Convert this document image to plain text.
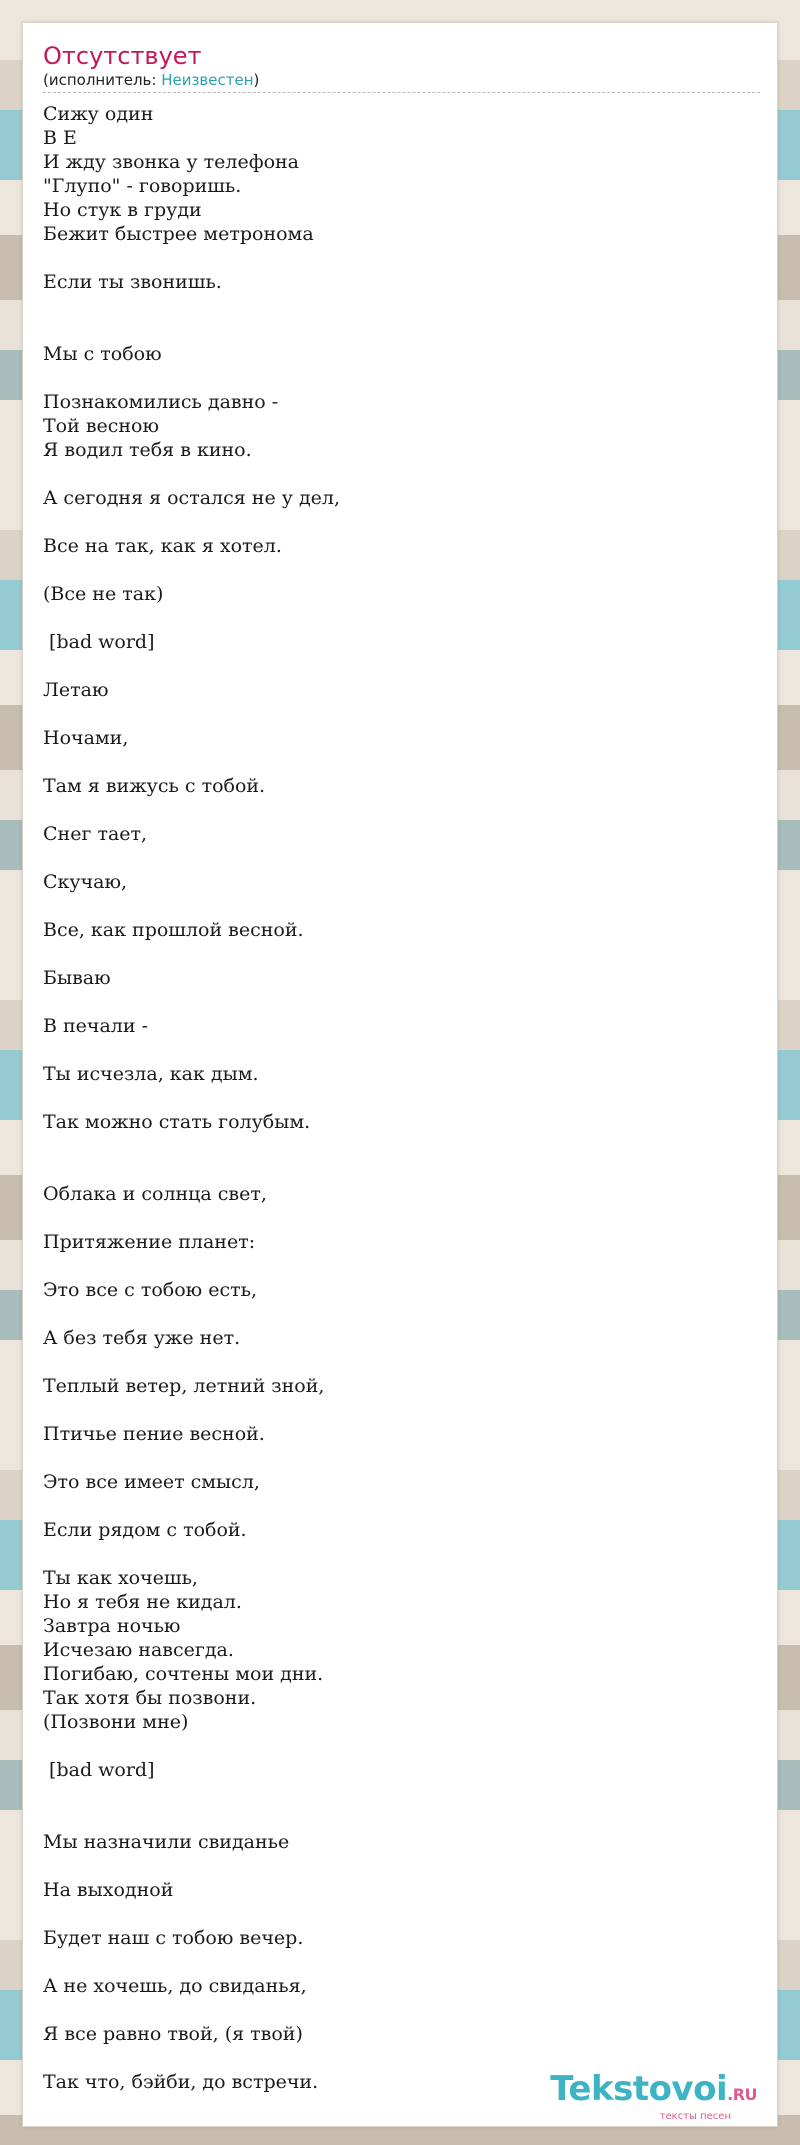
Отсутствует
(исполнитель: Неизвестен)
Сижу один
В Е
И жду звонка у телефона
"Глупо" - говоришь.
Но стук в груди
Бежит быстрее метронома

Если ты звонишь.

Мы с тобою

Познакомились давно -
Той весною
Я водил тебя в кино.

А сегодня я остался не у дел,

Все на так, как я хотел.

(Все не так)

[bad word]

Летаю

Ночами,

Там я вижусь с тобой.

Снег тает,

Скучаю,

Все, как прошлой весной.

Бываю

В печали -

Ты исчезла, как дым.

Так можно стать голубым.

Облака и солнца свет,

Притяжение планет:

Это все с тобою есть,

А без тебя уже нет.

Теплый ветер, летний зной,

Птичье пение весной.

Это все имеет смысл,

Если рядом с тобой.

Ты как хочешь,
Но я тебя не кидал.
Завтра ночью
Исчезаю навсегда.
Погибаю, сочтены мои дни.
Так хотя бы позвони.
(Позвони мне)

[bad word]

Мы назначили свиданье

На выходной

Будет наш с тобою вечер.

А не хочешь, до свиданья,

Я все равно твой, (я твой)

Так что, бэйби, до встречи.	Tekstovoi.RU
тексты песен
